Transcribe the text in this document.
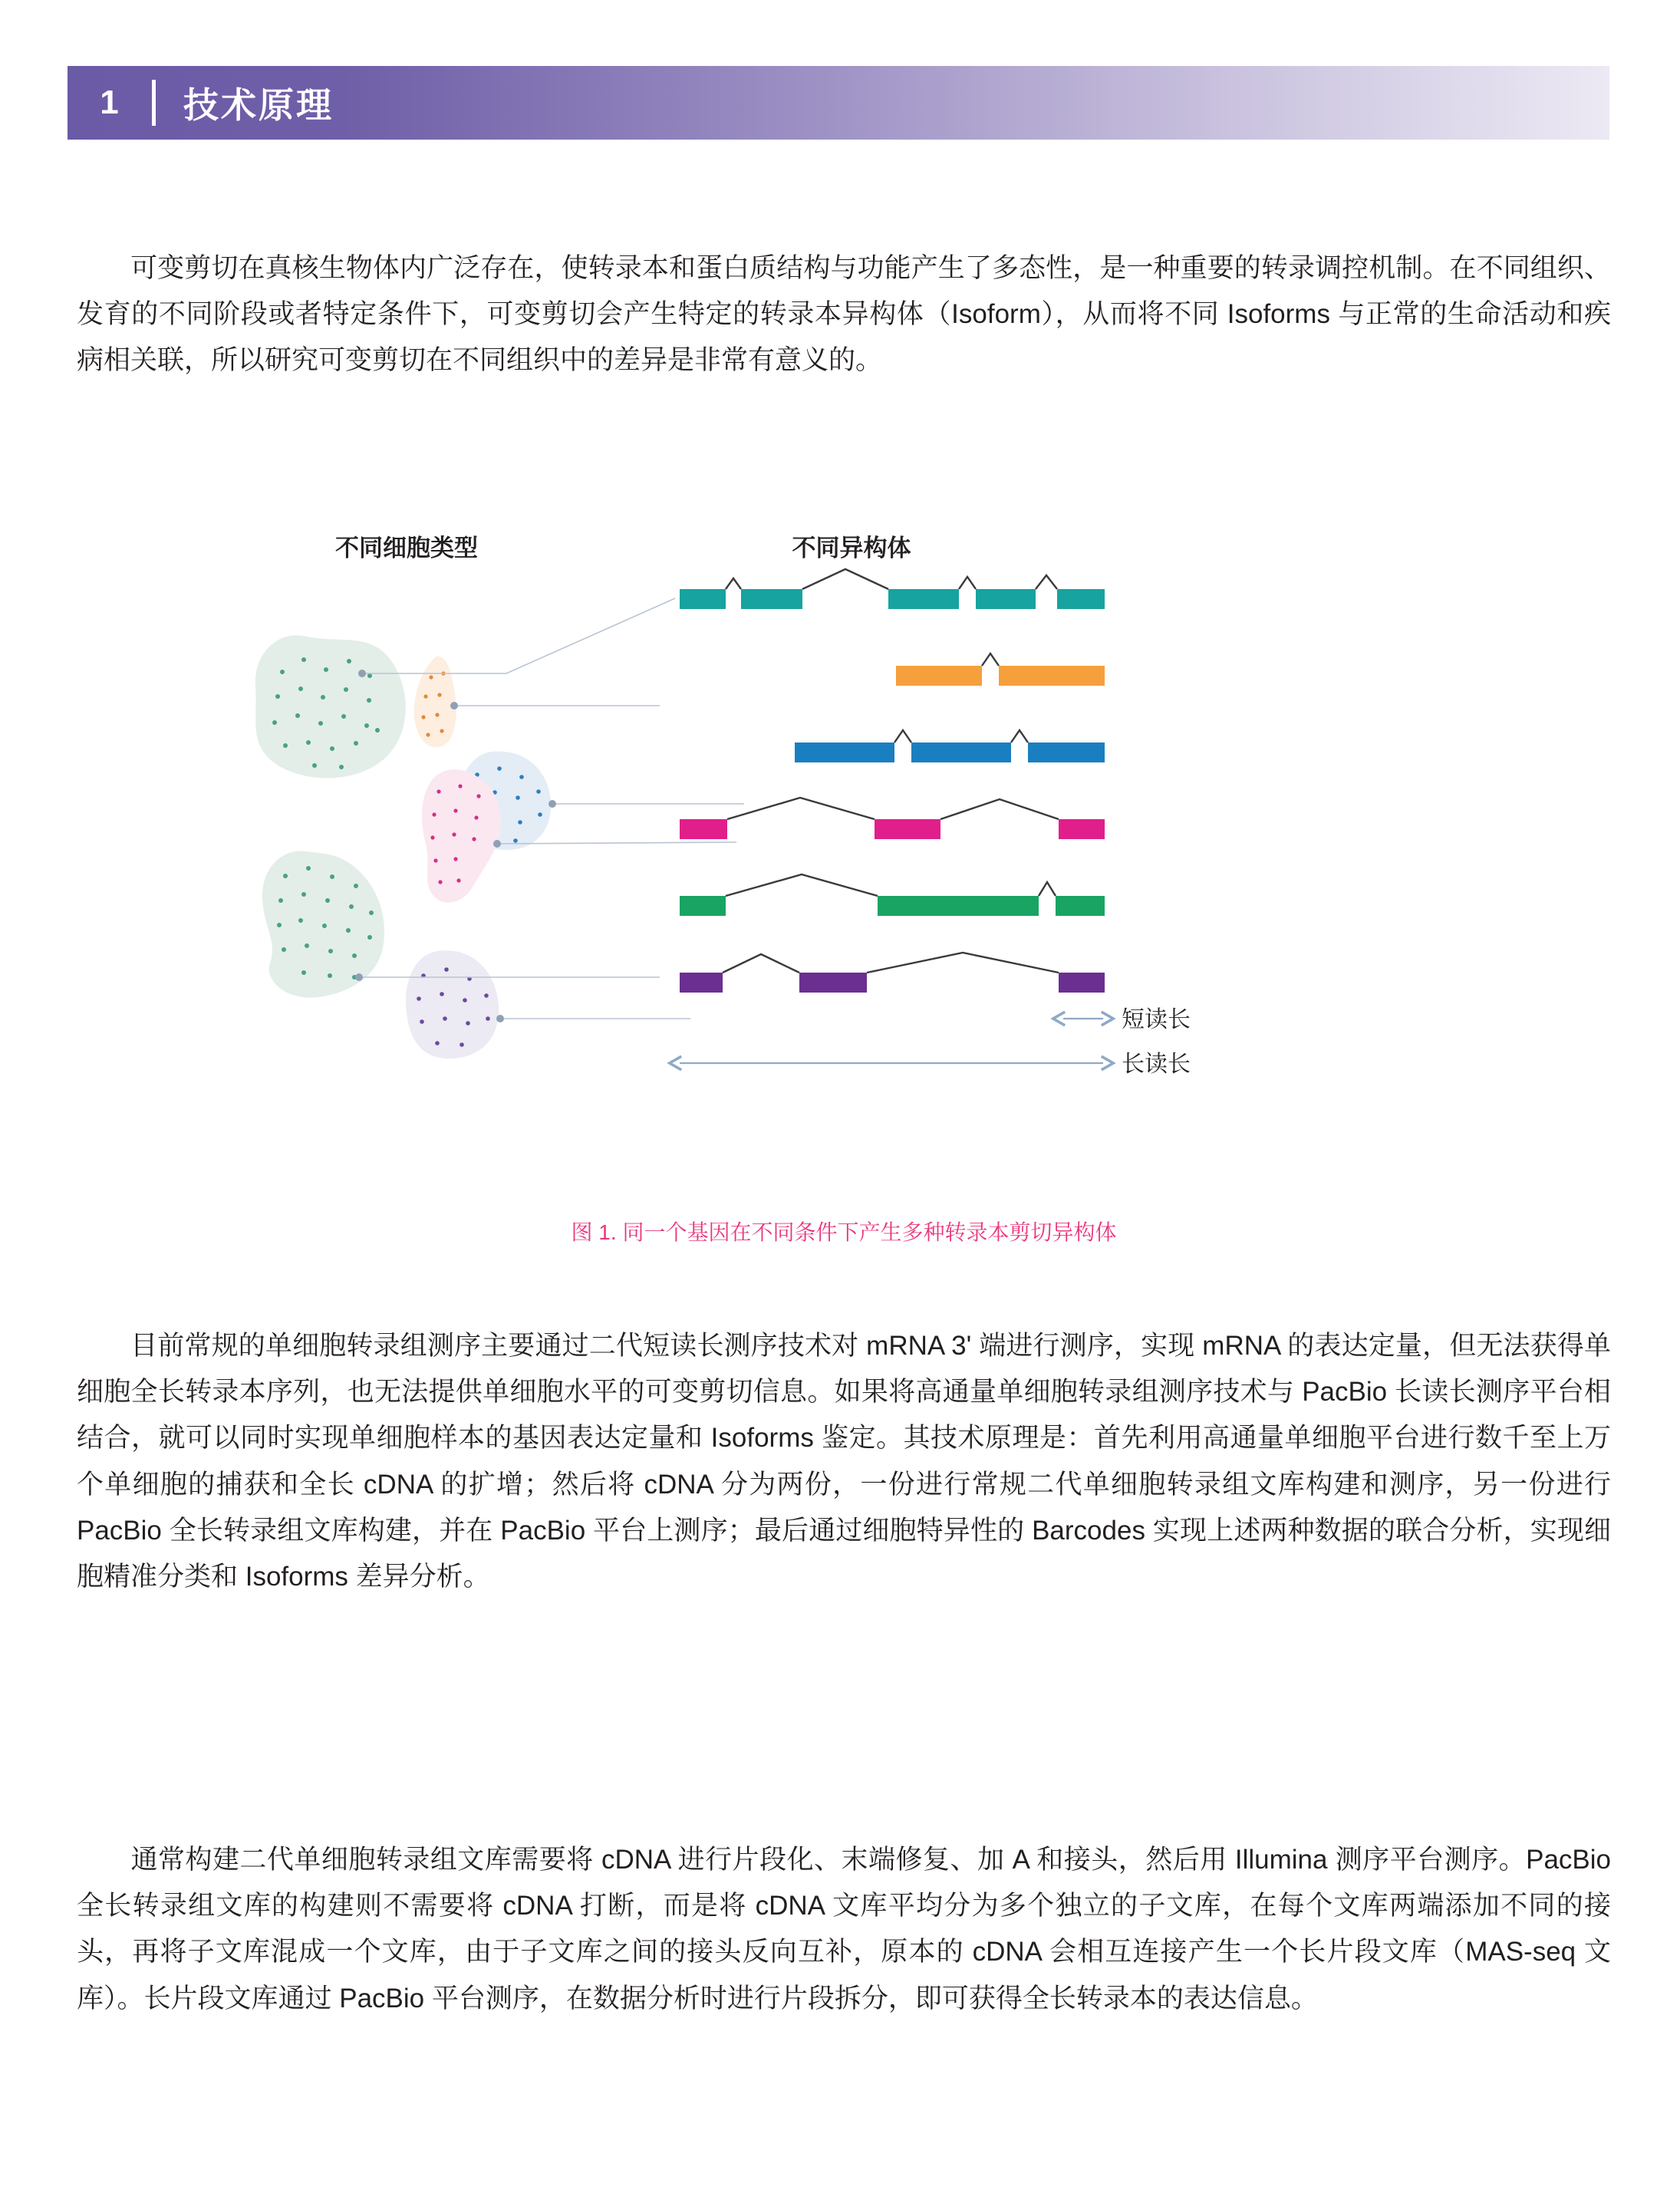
1	技术原理
可变剪切在真核生物体内广泛存在，使转录本和蛋白质结构与功能产生了多态性，是一种重要的转录调控机制。在不同组织、发育的不同阶段或者特定条件下，可变剪切会产生特定的转录本异构体（Isoform），从而将不同 Isoforms 与正常的生命活动和疾病相关联，所以研究可变剪切在不同组织中的差异是非常有意义的。
不同细胞类型	不同异构体
短读长
长读长
图 1. 同一个基因在不同条件下产生多种转录本剪切异构体
目前常规的单细胞转录组测序主要通过二代短读长测序技术对 mRNA 3' 端进行测序，实现 mRNA 的表达定量，但无法获得单细胞全长转录本序列，也无法提供单细胞水平的可变剪切信息。如果将高通量单细胞转录组测序技术与 PacBio 长读长测序平台相结合，就可以同时实现单细胞样本的基因表达定量和 Isoforms 鉴定。其技术原理是：首先利用高通量单细胞平台进行数千至上万个单细胞的捕获和全长 cDNA 的扩增；然后将 cDNA 分为两份，一份进行常规二代单细胞转录组文库构建和测序，另一份进行 PacBio 全长转录组文库构建，并在 PacBio 平台上测序；最后通过细胞特异性的 Barcodes 实现上述两种数据的联合分析，实现细胞精准分类和 Isoforms 差异分析。
通常构建二代单细胞转录组文库需要将 cDNA 进行片段化、末端修复、加 A 和接头，然后用 Illumina 测序平台测序。PacBio 全长转录组文库的构建则不需要将 cDNA 打断，而是将 cDNA 文库平均分为多个独立的子文库，在每个文库两端添加不同的接头，再将子文库混成一个文库，由于子文库之间的接头反向互补，原本的 cDNA 会相互连接产生一个长片段文库（MAS-seq 文库）。长片段文库通过 PacBio 平台测序，在数据分析时进行片段拆分，即可获得全长转录本的表达信息。
